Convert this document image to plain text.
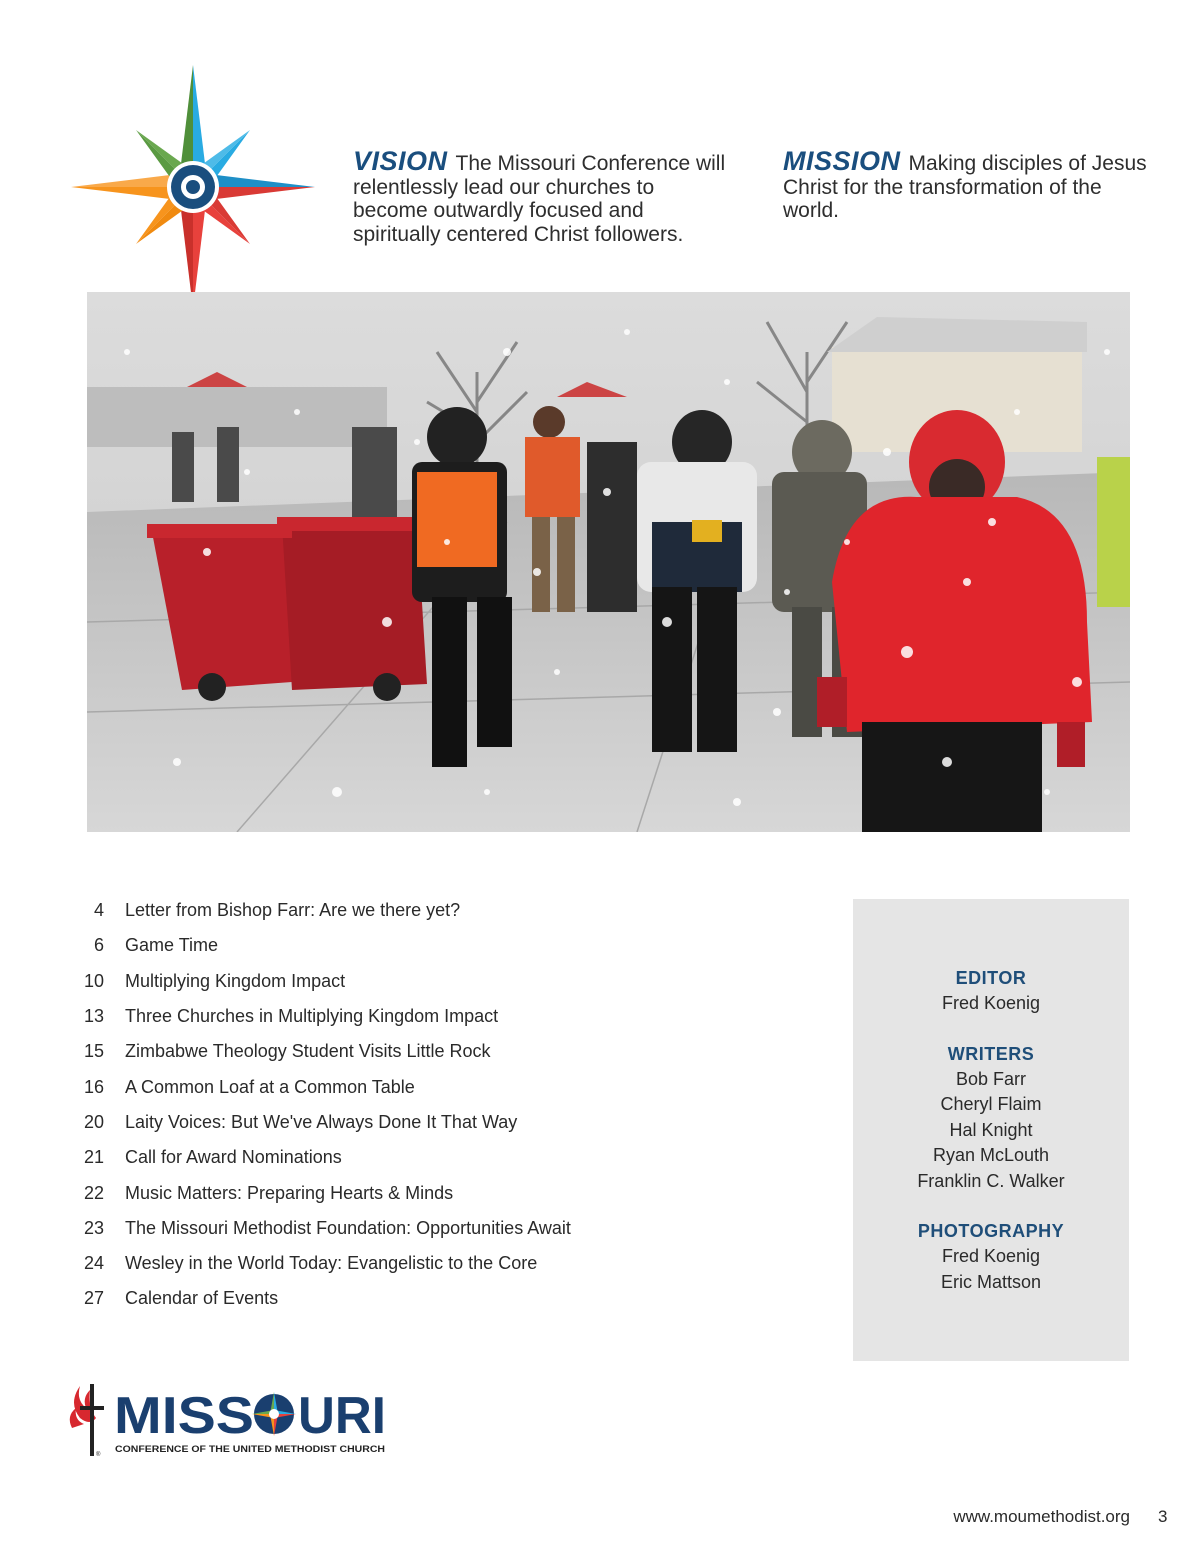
VISION The Missouri Conference will relentlessly lead our churches to become outwardly focused and spiritually centered Christ followers.
MISSION Making disciples of Jesus Christ for the transformation of the world.
4 Letter from Bishop Farr: Are we there yet?
6 Game Time
10 Multiplying Kingdom Impact
13 Three Churches in Multiplying Kingdom Impact
15 Zimbabwe Theology Student Visits Little Rock
16 A Common Loaf at a Common Table
20 Laity Voices: But We've Always Done It That Way
21 Call for Award Nominations
22 Music Matters: Preparing Hearts & Minds
23 The Missouri Methodist Foundation: Opportunities Await
24 Wesley in the World Today: Evangelistic to the Core
27 Calendar of Events
EDITOR
Fred Koenig
WRITERS
Bob Farr
Cheryl Flaim
Hal Knight
Ryan McLouth
Franklin C. Walker
PHOTOGRAPHY
Fred Koenig
Eric Mattson
®
MISS URI
CONFERENCE OF THE UNITED METHODIST CHURCH
www.moumethodist.org 3
